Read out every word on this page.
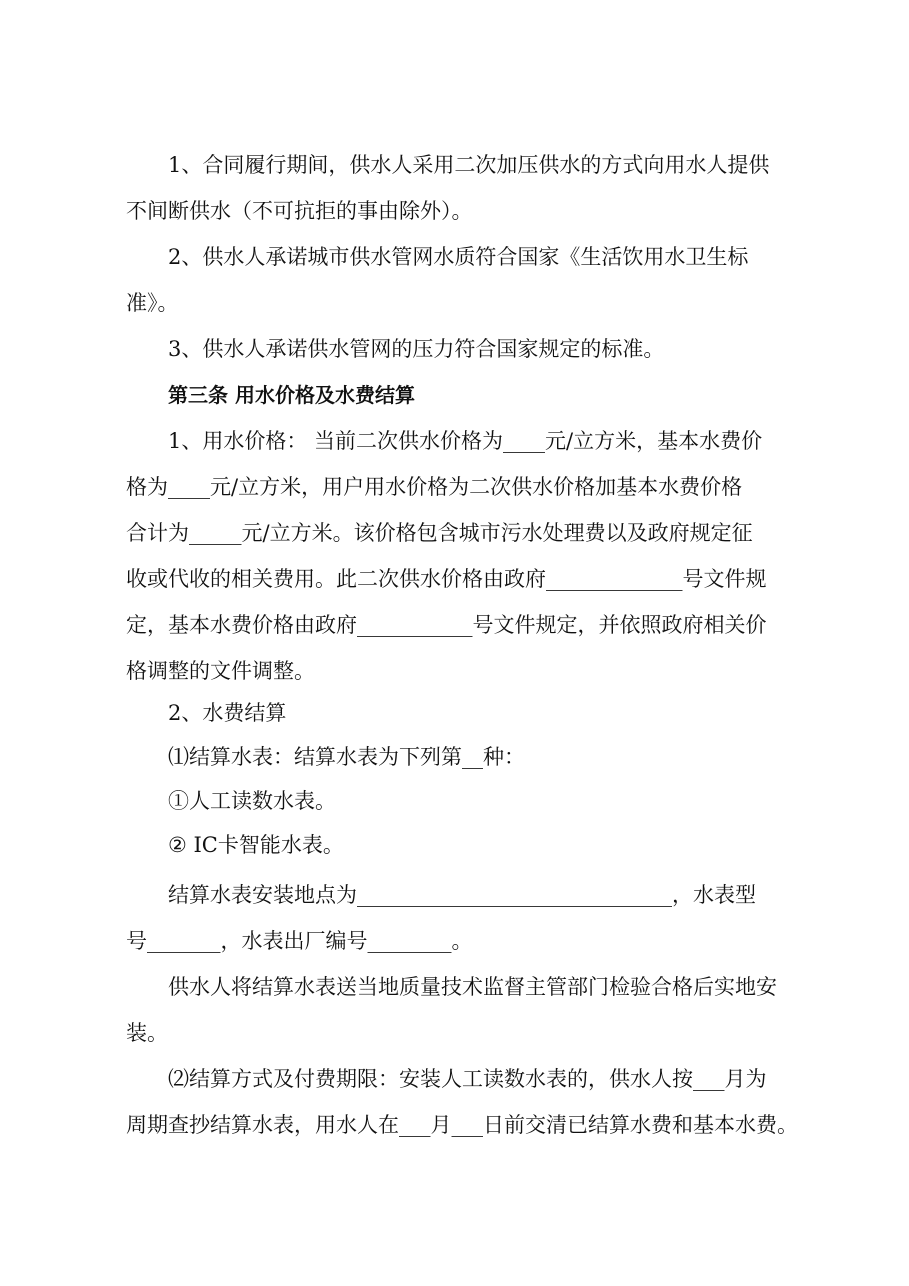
1、合同履行期间，供水人采用二次加压供水的方式向用水人提供

不间断供水（不可抗拒的事由除外）。

2、供水人承诺城市供水管网水质符合国家《生活饮用水卫生标

准》。

3、供水人承诺供水管网的压力符合国家规定的标准。

第三条 用水价格及水费结算

1、用水价格： 当前二次供水价格为____元/立方米，基本水费价

格为____元/立方米，用户用水价格为二次供水价格加基本水费价格

合计为_____元/立方米。该价格包含城市污水处理费以及政府规定征

收或代收的相关费用。此二次供水价格由政府_____________号文件规

定，基本水费价格由政府___________号文件规定，并依照政府相关价

格调整的文件调整。

2、水费结算

⑴结算水表：结算水表为下列第__种：

①人工读数水表。

② IC卡智能水表。

结算水表安装地点为______________________________，水表型

号_______，水表出厂编号________。

供水人将结算水表送当地质量技术监督主管部门检验合格后实地安

装。

⑵结算方式及付费期限：安装人工读数水表的，供水人按___月为

周期查抄结算水表，用水人在___月___日前交清已结算水费和基本水费。
